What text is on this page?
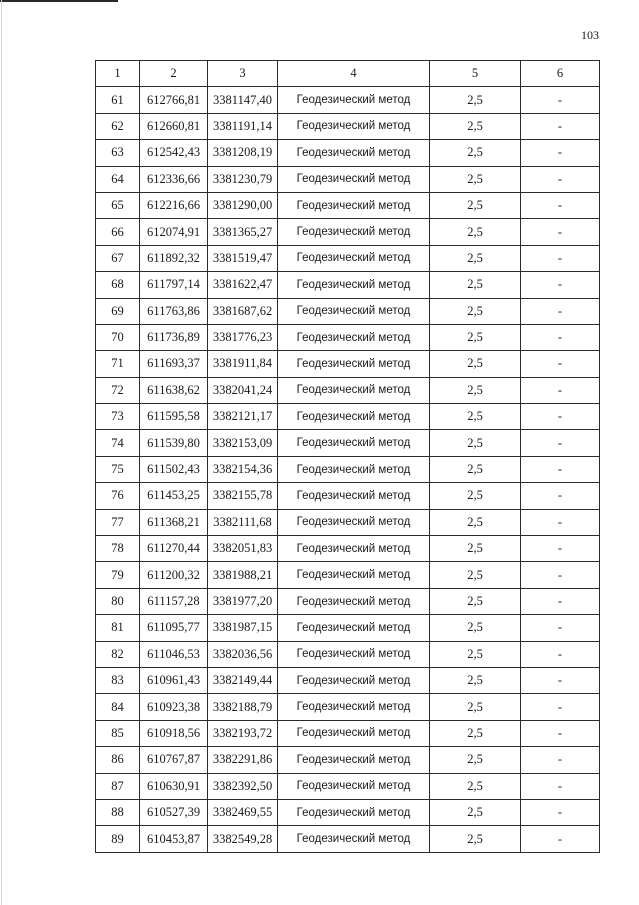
103
1	2	3	4	5	6
61	612766,81	3381147,40	Геодезический метод	2,5	-
62	612660,81	3381191,14	Геодезический метод	2,5	-
63	612542,43	3381208,19	Геодезический метод	2,5	-
64	612336,66	3381230,79	Геодезический метод	2,5	-
65	612216,66	3381290,00	Геодезический метод	2,5	-
66	612074,91	3381365,27	Геодезический метод	2,5	-
67	611892,32	3381519,47	Геодезический метод	2,5	-
68	611797,14	3381622,47	Геодезический метод	2,5	-
69	611763,86	3381687,62	Геодезический метод	2,5	-
70	611736,89	3381776,23	Геодезический метод	2,5	-
71	611693,37	3381911,84	Геодезический метод	2,5	-
72	611638,62	3382041,24	Геодезический метод	2,5	-
73	611595,58	3382121,17	Геодезический метод	2,5	-
74	611539,80	3382153,09	Геодезический метод	2,5	-
75	611502,43	3382154,36	Геодезический метод	2,5	-
76	611453,25	3382155,78	Геодезический метод	2,5	-
77	611368,21	3382111,68	Геодезический метод	2,5	-
78	611270,44	3382051,83	Геодезический метод	2,5	-
79	611200,32	3381988,21	Геодезический метод	2,5	-
80	611157,28	3381977,20	Геодезический метод	2,5	-
81	611095,77	3381987,15	Геодезический метод	2,5	-
82	611046,53	3382036,56	Геодезический метод	2,5	-
83	610961,43	3382149,44	Геодезический метод	2,5	-
84	610923,38	3382188,79	Геодезический метод	2,5	-
85	610918,56	3382193,72	Геодезический метод	2,5	-
86	610767,87	3382291,86	Геодезический метод	2,5	-
87	610630,91	3382392,50	Геодезический метод	2,5	-
88	610527,39	3382469,55	Геодезический метод	2,5	-
89	610453,87	3382549,28	Геодезический метод	2,5	-
